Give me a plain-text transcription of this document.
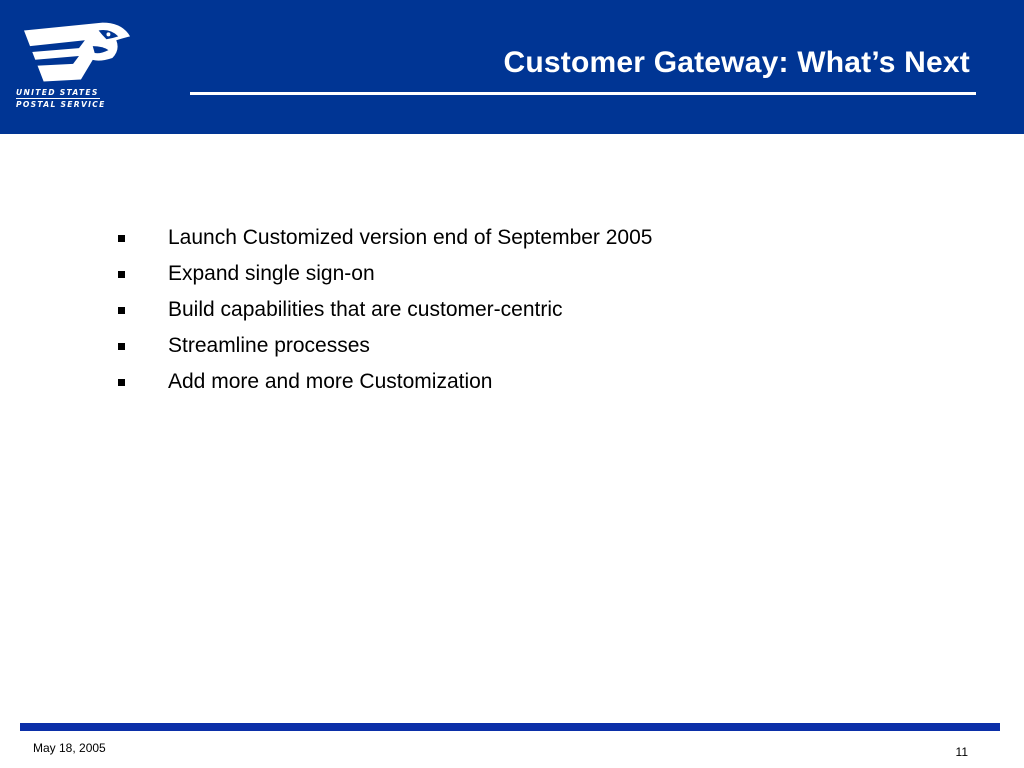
UNITED STATES
POSTAL SERVICE
Customer Gateway: What’s Next
Launch Customized version end of September 2005
Expand single sign-on
Build capabilities that are customer-centric
Streamline processes
Add more and more Customization
May 18, 2005	11
